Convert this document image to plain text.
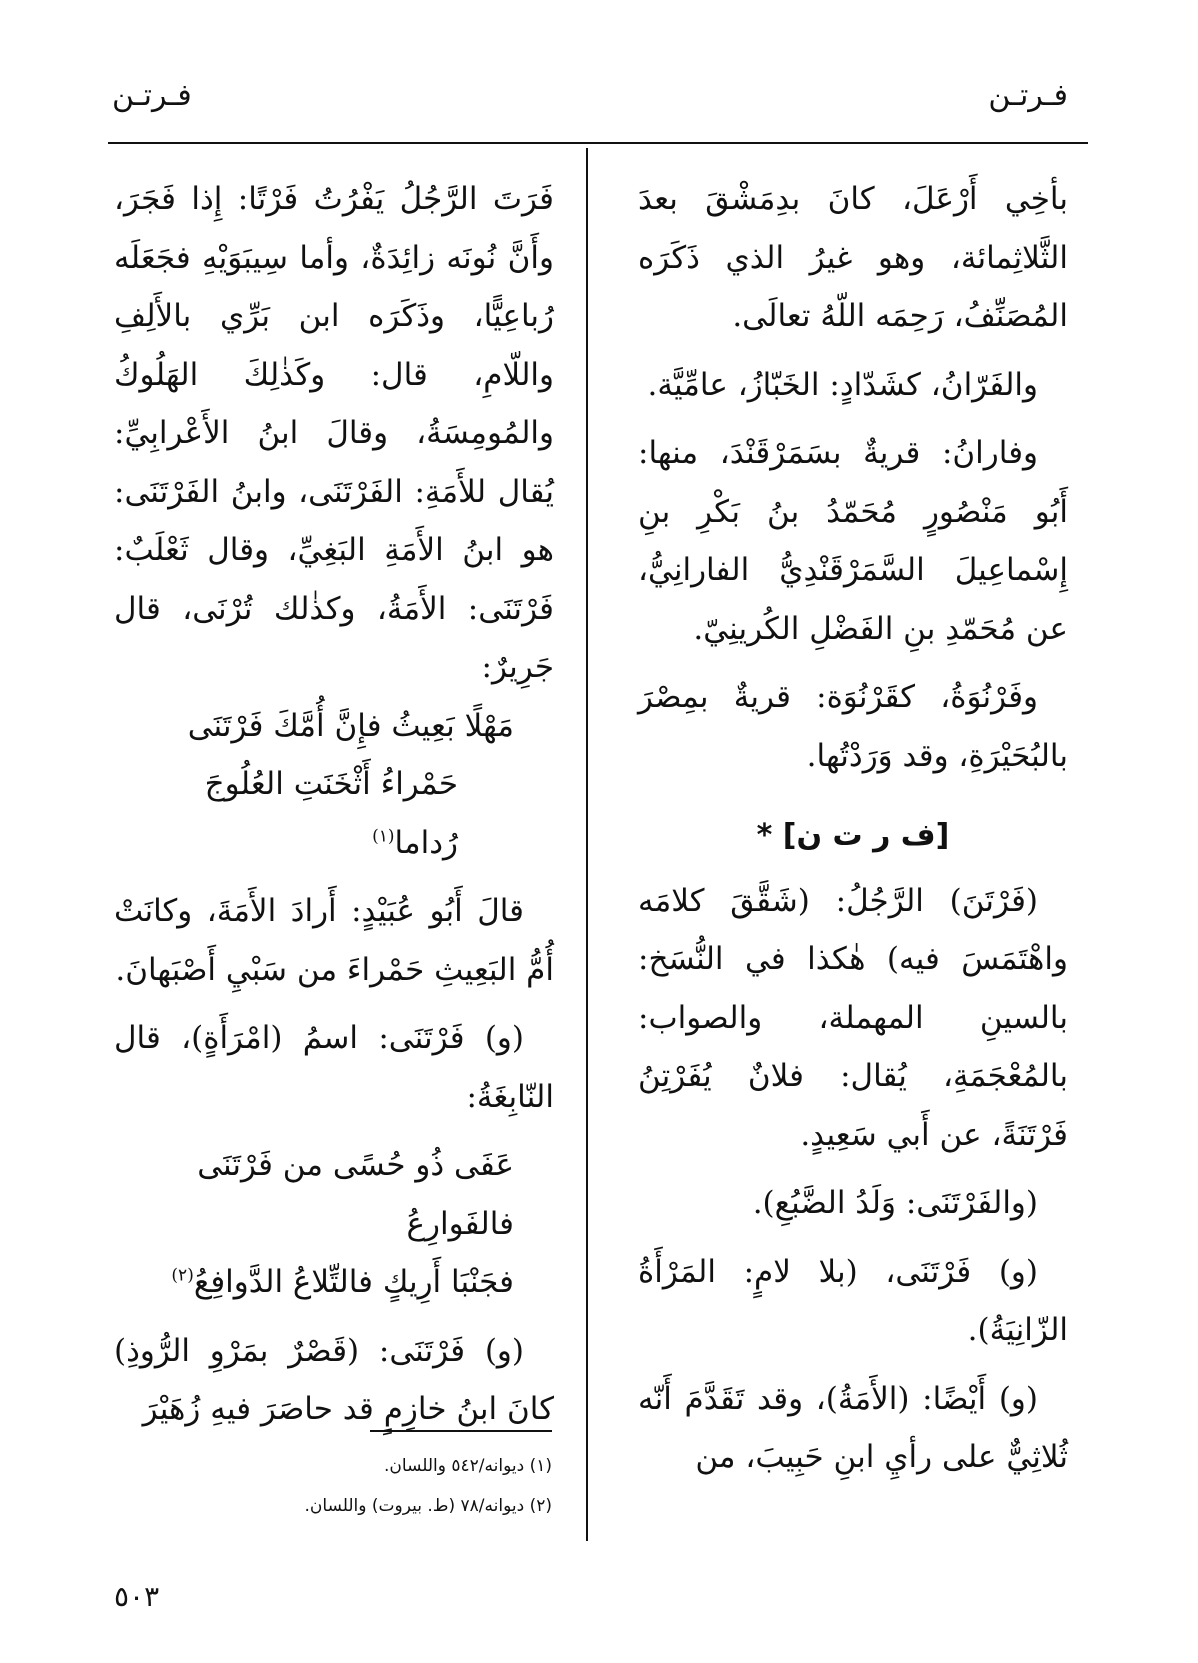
فـرتـن
فـرتـن

بأخِي أَرْعَلَ، كانَ بدِمَشْقَ بعدَ الثَّلاثِمائة، وهو غيرُ الذي ذَكَرَه المُصَنِّفُ، رَحِمَه اللّهُ تعالَى.

والفَرّانُ، كشَدّادٍ: الخَبّازُ، عامِّيَّة.

وفارانُ: قريةٌ بسَمَرْقَنْدَ، منها: أَبُو مَنْصُورٍ مُحَمّدُ بنُ بَكْرِ بنِ إِسْماعِيلَ السَّمَرْقَنْدِيُّ الفارانِيُّ، عن مُحَمّدِ بنِ الفَضْلِ الكُرينِيّ.

وفَرْنُوَةُ، كقَرْنُوَة: قريةٌ بمِصْرَ بالبُحَيْرَةِ، وقد وَرَدْتُها.

[ف ر ت ن] *

(فَرْتَنَ) الرَّجُلُ: (شَقَّقَ كلامَه واهْتَمَسَ فيه) هٰكذا في النُّسَخ: بالسينِ المهملة، والصواب: بالمُعْجَمَةِ، يُقال: فلانٌ يُفَرْتِنُ فَرْتَنَةً، عن أَبي سَعِيدٍ.

(والفَرْتَنَى: وَلَدُ الضَّبُعِ).

(و) فَرْتَنَى، (بلا لامٍ: المَرْأَةُ الزّانِيَةُ).

(و) أَيْضًا: (الأَمَةُ)، وقد تَقَدَّمَ أَنّه ثُلاثِيٌّ على رأيِ ابنِ حَبِيبَ، من

فَرَتَ الرَّجُلُ يَفْرُتُ فَرْتًا: إِذا فَجَرَ، وأَنَّ نُونَه زائِدَةٌ، وأما سِيبَوَيْهِ فجَعَلَه رُباعِيًّا، وذَكَرَه ابن بَرِّي بالأَلِفِ واللّامِ، قال: وكَذٰلِكَ الهَلُوكُ والمُومِسَةُ، وقالَ ابنُ الأَعْرابِيِّ: يُقال للأَمَةِ: الفَرْتَنَى، وابنُ الفَرْتَنَى: هو ابنُ الأَمَةِ البَغِيِّ، وقال ثَعْلَبٌ: فَرْتَنَى: الأَمَةُ، وكذٰلك تُرْنَى، قال جَرِيرٌ:

مَهْلًا بَعِيثُ فإِنَّ أُمَّكَ فَرْتَنَى
حَمْراءُ أَثْخَنَتِ العُلُوجَ رُداما$^{(١)}$

قالَ أَبُو عُبَيْدٍ: أَرادَ الأَمَةَ، وكانَتْ أُمُّ البَعِيثِ حَمْراءَ من سَبْيِ أَصْبَهانَ.

(و) فَرْتَنَى: اسمُ (امْرَأَةٍ)، قال النّابِغَةُ:

عَفَى ذُو حُسًى من فَرْتَنَى فالفَوارِعُ
فجَنْبَا أَرِيكٍ فالتِّلاعُ الدَّوافِعُ$^{(٢)}$

(و) فَرْتَنَى: (قَصْرٌ بمَرْوِ الرُّوذِ) كانَ ابنُ خازِمٍ قد حاصَرَ فيهِ زُهَيْرَ

(١) ديوانه/٥٤٢ واللسان.
(٢) ديوانه/٧٨ (ط. بيروت) واللسان.
٥٠٣
